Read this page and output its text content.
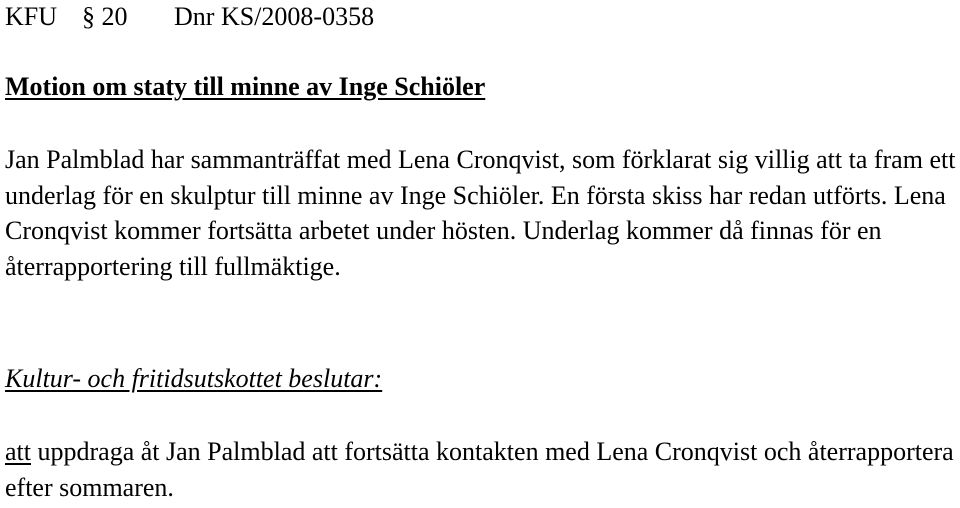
KFU § 20 Dnr KS/2008-0358
Motion om staty till minne av Inge Schiöler

Jan Palmblad har sammanträffat med Lena Cronqvist, som förklarat sig villig att ta fram ett underlag för en skulptur till minne av Inge Schiöler. En första skiss har redan utförts. Lena Cronqvist kommer fortsätta arbetet under hösten. Underlag kommer då finnas för en återrapportering till fullmäktige.

Kultur- och fritidsutskottet beslutar:

att uppdraga åt Jan Palmblad att fortsätta kontakten med Lena Cronqvist och återrapportera efter sommaren.
